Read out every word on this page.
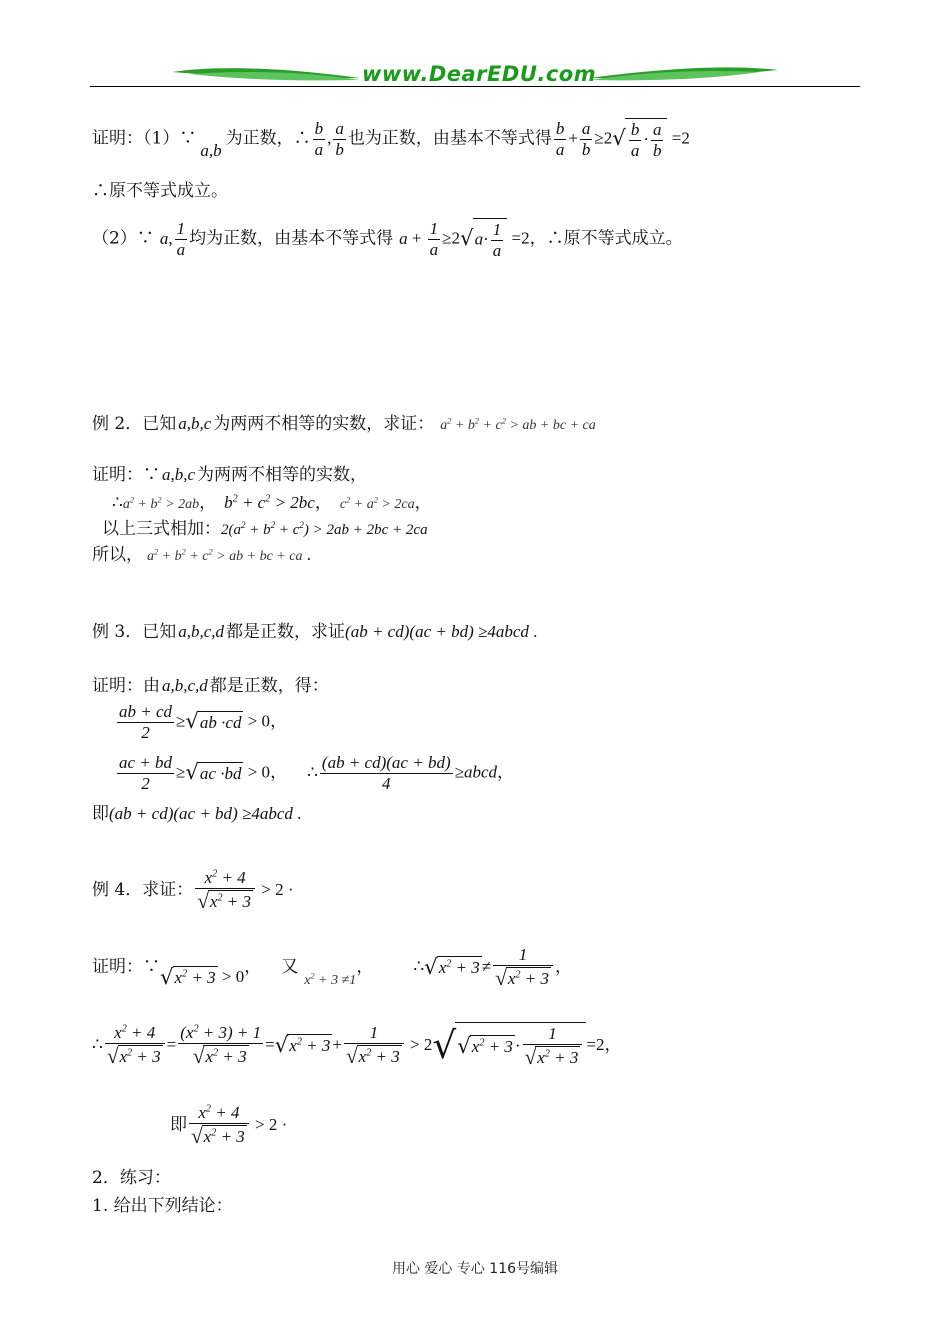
www.DearEDU.com
证明：（1）∵a,b为正数，∴ $\frac{b}{a}$ , $\frac{a}{b}$ 也为正数，由基本不等式得 $\frac{b}{a} + \frac{a}{b} \ge 2√ \frac{b}{a} \cdot \frac{a}{b} =2$
∴原不等式成立。
（2）∵ a, $\frac{1}{a}$ 均为正数，由基本不等式得 $a + \frac{1}{a} \ge 2√a\cdot \frac{1}{a} =2$，∴原不等式成立。
例 2．已知 a,b,c 为两两不相等的实数，求证： $a^2 + b^2 + c^2$ > ab + bc + ca
证明：∵ a,b,c 为两两不相等的实数，
$\therefore a^2 + b^2 > 2ab$， $b^2 + c^2 > 2bc$， $c^2 + a^2 > 2ca$，
以上三式相加：$2(a^2 + b^2 + c^2) > 2ab + 2bc + 2ca$
所以， $a^2 + b^2 + c^2$ > ab + bc + ca .
例 3．已知 a,b,c,d 都是正数，求证(ab + cd)(ac + bd) ≥4abcd .
证明：由 a,b,c,d 都是正数，得：
$\frac{ab + cd}{2} \ge√ab \cdot cd > 0$，
$\frac{ac + bd}{2} \ge√ac \cdot bd > 0$， ∴ $\frac{(ab + cd)(ac + bd)}{4}$ ≥abcd，
即(ab + cd)(ac + bd) ≥4abcd .
例 4．求证： $\frac{x^2 + 4}{√x^2 + 3} > 2$ ·
证明：$\because√x^2 + 3 > 0$， 又$_{x^2 + 3 \ne 1}$， $\therefore√x^2 + 3 \ne \frac{1}{√x^2 + 3}$ ，
∴ $\frac{x^2 + 4}{√x^2 + 3} = \frac{(x^2 + 3) + 1}{√x^2 + 3} =√x^2 + 3 + \frac{1}{√x^2 + 3} > 2√√x^2 + 3 \cdot \frac{1}{√x^2 + 3} =2$，
即 $\frac{x^2 + 4}{√x^2 + 3} > 2$ ·
2．练习：
1. 给出下列结论：
用心 爱心 专心 116号编辑
